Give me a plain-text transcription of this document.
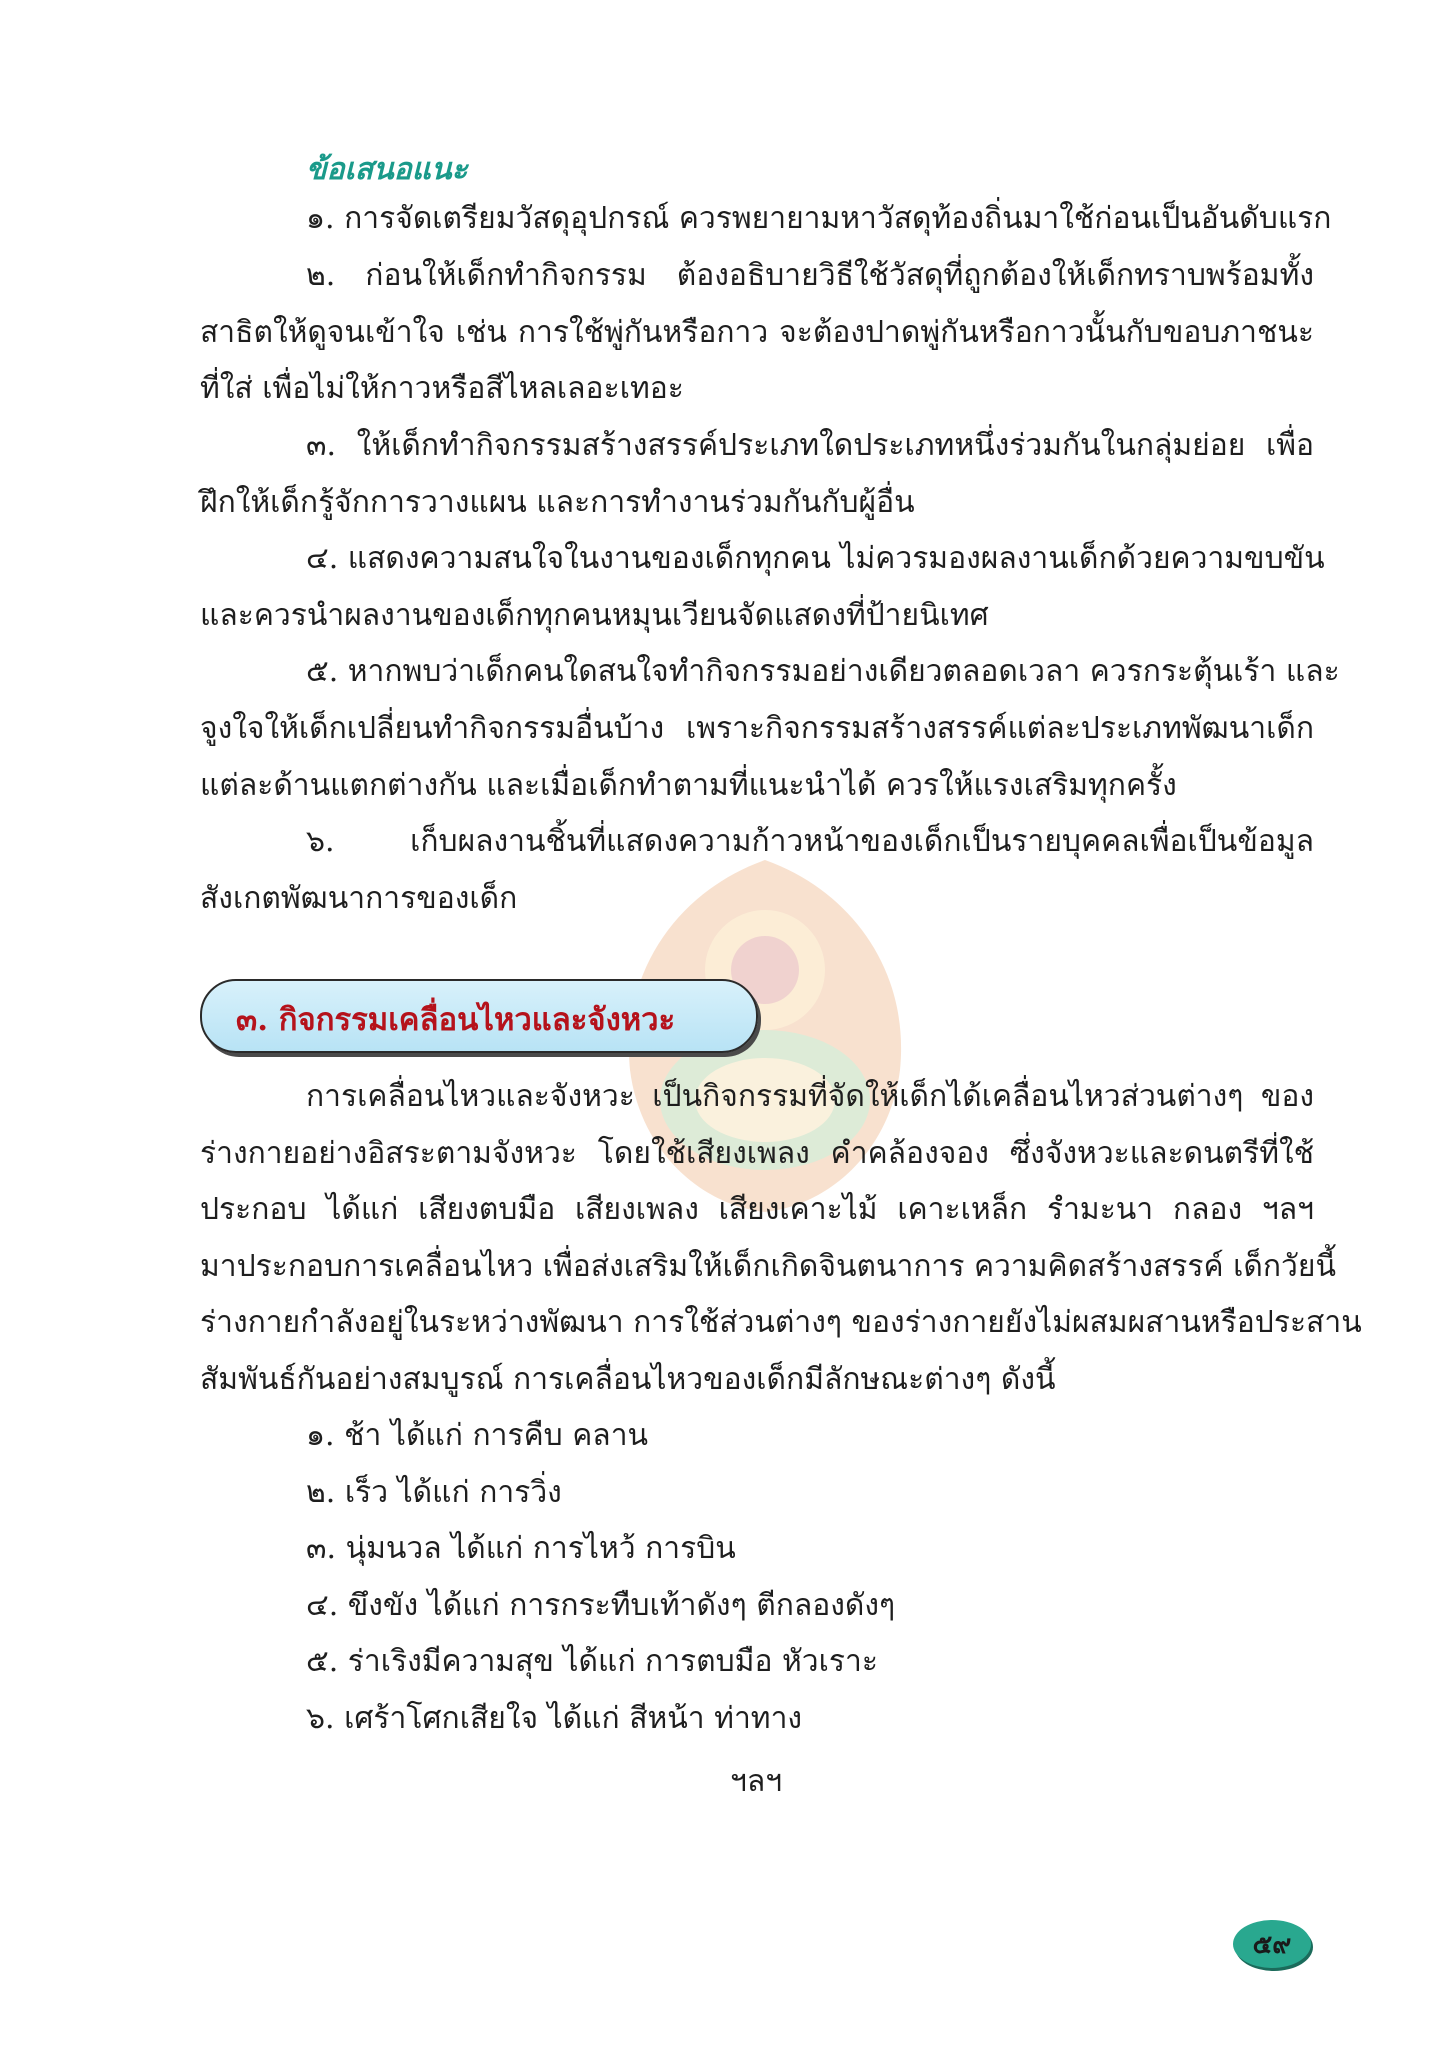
ข้อเสนอแนะ
๑. การจัดเตรียมวัสดุอุปกรณ์ ควรพยายามหาวัสดุท้องถิ่นมาใช้ก่อนเป็นอันดับแรก
๒. ก่อนให้เด็กทำกิจกรรม ต้องอธิบายวิธีใช้วัสดุที่ถูกต้องให้เด็กทราบพร้อมทั้ง
สาธิตให้ดูจนเข้าใจ เช่น การใช้พู่กันหรือกาว จะต้องปาดพู่กันหรือกาวนั้นกับขอบภาชนะ
ที่ใส่ เพื่อไม่ให้กาวหรือสีไหลเลอะเทอะ
๓. ให้เด็กทำกิจกรรมสร้างสรรค์ประเภทใดประเภทหนึ่งร่วมกันในกลุ่มย่อย เพื่อ
ฝึกให้เด็กรู้จักการวางแผน และการทำงานร่วมกันกับผู้อื่น
๔. แสดงความสนใจในงานของเด็กทุกคน ไม่ควรมองผลงานเด็กด้วยความขบขัน
และควรนำผลงานของเด็กทุกคนหมุนเวียนจัดแสดงที่ป้ายนิเทศ
๕. หากพบว่าเด็กคนใดสนใจทำกิจกรรมอย่างเดียวตลอดเวลา ควรกระตุ้นเร้า และ
จูงใจให้เด็กเปลี่ยนทำกิจกรรมอื่นบ้าง เพราะกิจกรรมสร้างสรรค์แต่ละประเภทพัฒนาเด็ก
แต่ละด้านแตกต่างกัน และเมื่อเด็กทำตามที่แนะนำได้ ควรให้แรงเสริมทุกครั้ง
๖. เก็บผลงานชิ้นที่แสดงความก้าวหน้าของเด็กเป็นรายบุคคลเพื่อเป็นข้อมูล
สังเกตพัฒนาการของเด็ก
๓. กิจกรรมเคลื่อนไหวและจังหวะ
การเคลื่อนไหวและจังหวะ เป็นกิจกรรมที่จัดให้เด็กได้เคลื่อนไหวส่วนต่างๆ ของ
ร่างกายอย่างอิสระตามจังหวะ โดยใช้เสียงเพลง คำคล้องจอง ซึ่งจังหวะและดนตรีที่ใช้
ประกอบ ได้แก่ เสียงตบมือ เสียงเพลง เสียงเคาะไม้ เคาะเหล็ก รำมะนา กลอง ฯลฯ
มาประกอบการเคลื่อนไหว เพื่อส่งเสริมให้เด็กเกิดจินตนาการ ความคิดสร้างสรรค์ เด็กวัยนี้
ร่างกายกำลังอยู่ในระหว่างพัฒนา การใช้ส่วนต่างๆ ของร่างกายยังไม่ผสมผสานหรือประสาน
สัมพันธ์กันอย่างสมบูรณ์ การเคลื่อนไหวของเด็กมีลักษณะต่างๆ ดังนี้
๑. ช้า ได้แก่ การคืบ คลาน
๒. เร็ว ได้แก่ การวิ่ง
๓. นุ่มนวล ได้แก่ การไหว้ การบิน
๔. ขึงขัง ได้แก่ การกระทืบเท้าดังๆ ตีกลองดังๆ
๕. ร่าเริงมีความสุข ได้แก่ การตบมือ หัวเราะ
๖. เศร้าโศกเสียใจ ได้แก่ สีหน้า ท่าทาง
ฯลฯ
๕๙
